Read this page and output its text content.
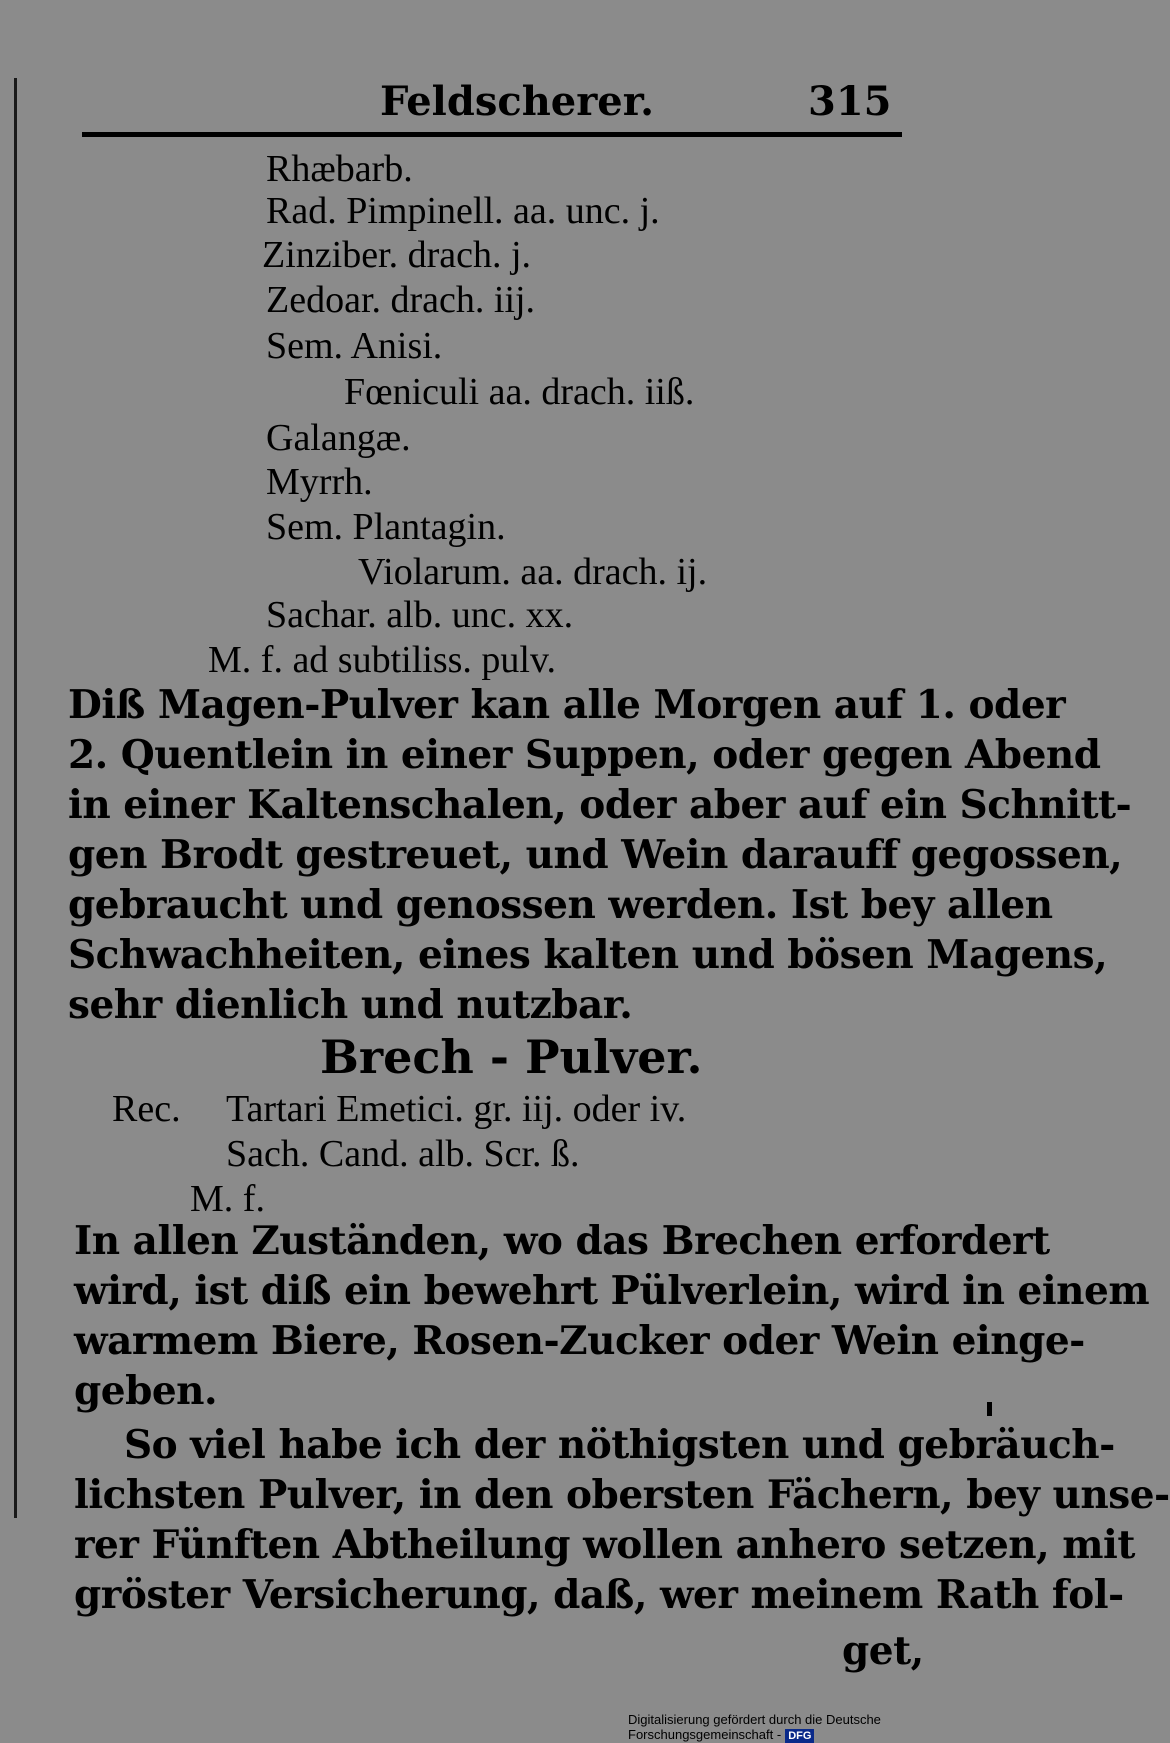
Feldscherer.	315
Rhæbarb.
Rad. Pimpinell. aa. unc. j.
Zinziber. drach. j.
Zedoar. drach. iij.
Sem. Anisi.
Fœniculi aa. drach. iiß.
Galangæ.
Myrrh.
Sem. Plantagin.
Violarum. aa. drach. ij.
Sachar. alb. unc. xx.
M. f. ad subtiliss. pulv.
Diß Magen-Pulver kan alle Morgen auf 1. oder
2. Quentlein in einer Suppen, oder gegen Abend
in einer Kaltenschalen, oder aber auf ein Schnitt-
gen Brodt gestreuet, und Wein darauff gegossen,
gebraucht und genossen werden. Ist bey allen
Schwachheiten, eines kalten und bösen Magens,
sehr dienlich und nutzbar.
Brech - Pulver.
Rec. Tartari Emetici. gr. iij. oder iv.
Sach. Cand. alb. Scr. ß.
M. f.
In allen Zuständen, wo das Brechen erfordert
wird, ist diß ein bewehrt Pülverlein, wird in einem
warmem Biere, Rosen-Zucker oder Wein einge-
geben.
So viel habe ich der nöthigsten und gebräuch-
lichsten Pulver, in den obersten Fächern, bey unse-
rer Fünften Abtheilung wollen anhero setzen, mit
gröster Versicherung, daß, wer meinem Rath fol-
get,
Digitalisierung gefördert durch die Deutsche Forschungsgemeinschaft - DFG
